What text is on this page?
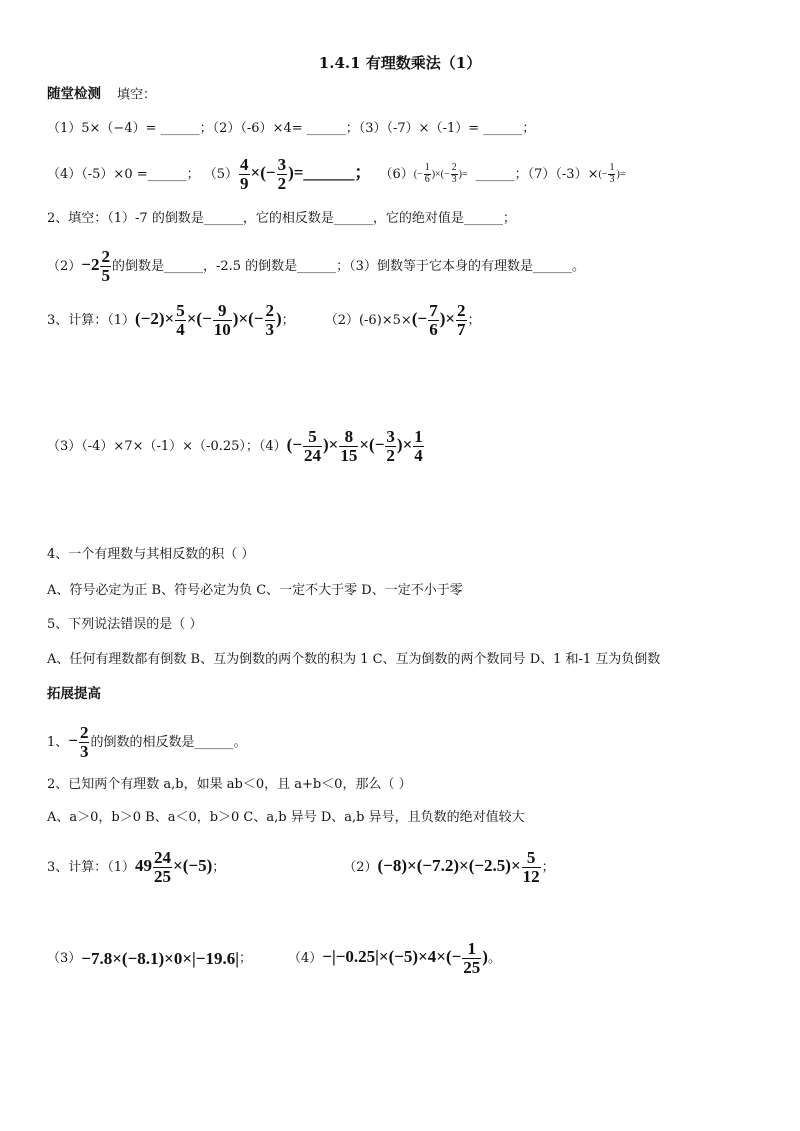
1.4.1 有理数乘法（1）
随堂检测 填空：
（1）5×（−4）= ______；（2）（-6）×4= ______；（3）（-7）×（-1）= ______；
（4）（-5）×0 =______； $(5) \frac{4}{9}$ ×(− $\frac{3}{2}$ )=______； $(6)(- \frac{1}{6}$ )×(− $\frac{2}{3}$ )= ______；$(7)(-3)\times(- \frac{1}{3}$ )=
2、填空：（1）-7 的倒数是______，它的相反数是______，它的绝对值是______；
$(2)-2 \frac{2}{5}$ 的倒数是______，-2.5 的倒数是______；（3）倒数等于它本身的有理数是______。
3、计算：$(1)(-2)\times \frac{5}{4}$ ×(− $\frac{9}{10}$ )×(− $\frac{2}{3}$ )； $(2)(-6)\times 5\times(- \frac{7}{6}$ )× $\frac{2}{7}$ ；
（3）（-4）×7×（-1）×（-0.25）；$(4)(- \frac{5}{24}$ )× $\frac{8}{15}$ ×(− $\frac{3}{2}$ )× $\frac{1}{4}$
4、一个有理数与其相反数的积（ ）
A、符号必定为正 B、符号必定为负 C、一定不大于零 D、一定不小于零
5、下列说法错误的是（ ）
A、任何有理数都有倒数 B、互为倒数的两个数的积为 1 C、互为倒数的两个数同号 D、1 和-1 互为负倒数
拓展提高
1、− $\frac{2}{3}$ 的倒数的相反数是______。
2、已知两个有理数 a,b，如果 ab＜0，且 a+b＜0，那么（ ）
A、a＞0，b＞0 B、a＜0，b＞0 C、a,b 异号 D、a,b 异号，且负数的绝对值较大
3、计算：$(1)49 \frac{24}{25} \times(-5)$；	$(2)(-8)\times(-7.2)\times(-2.5)\times \frac{5}{12}$ ；
（3）−7.8×(−8.1)×0×|−19.6|；	$(4)-|-0.25|\times(-5)\times 4\times(- \frac{1}{25}$ )。
